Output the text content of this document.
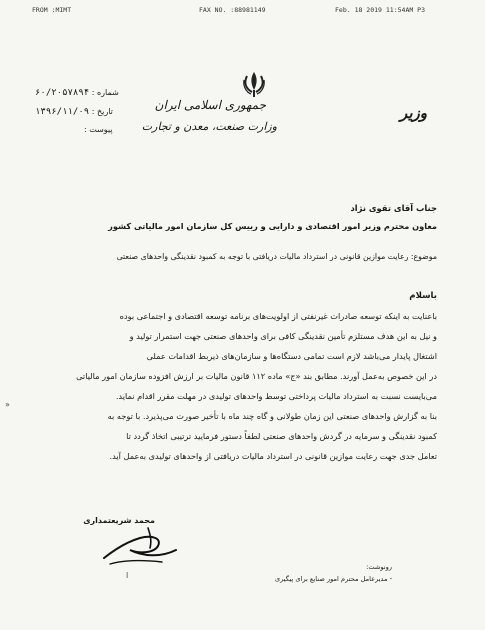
FROM :MIMT	FAX NO. :88981149	Feb. 18 2019 11:54AM P3
جمهوری اسلامی ایران
وزارت صنعت، معدن و تجارت
وزیر
شماره : ۶۰/۲۰۵۷۸۹۴
تاریخ : ۱۳۹۶/۱۱/۰۹
پیوست :
جناب آقای تقوی نژاد
معاون محترم وزیر امور اقتصادی و دارایی و رییس کل سازمان امور مالیاتی کشور
موضوع: رعایت موازین قانونی در استرداد مالیات دریافتی با توجه به کمبود نقدینگی واحدهای صنعتی
باسلام
باعنایت به اینکه توسعه صادرات غیرنفتی از اولویت‌های برنامه توسعه اقتصادی و اجتماعی بوده
و نیل به این هدف مستلزم تأمین نقدینگی کافی برای واحدهای صنعتی جهت استمرار تولید و
اشتغال پایدار می‌باشد لازم است تمامی دستگاه‌ها و سازمان‌های ذیربط اقدامات عملی
در این خصوص به‌عمل آورند. مطابق بند «ج» ماده ۱۱۲ قانون مالیات بر ارزش افزوده سازمان امور مالیاتی
می‌بایست نسبت به استرداد مالیات پرداختی توسط واحدهای تولیدی در مهلت مقرر اقدام نماید.
بنا به گزارش واحدهای صنعتی این زمان طولانی و گاه چند ماه با تأخیر صورت می‌پذیرد. با توجه به
کمبود نقدینگی و سرمایه در گردش واحدهای صنعتی لطفاً دستور فرمایید ترتیبی اتخاذ گردد تا
تعامل جدی جهت رعایت موازین قانونی در استرداد مالیات دریافتی از واحدهای تولیدی به‌عمل آید.
محمد شریعتمداری
رونوشت:
- مدیرعامل محترم امور صنایع برای پیگیری
»
ا
